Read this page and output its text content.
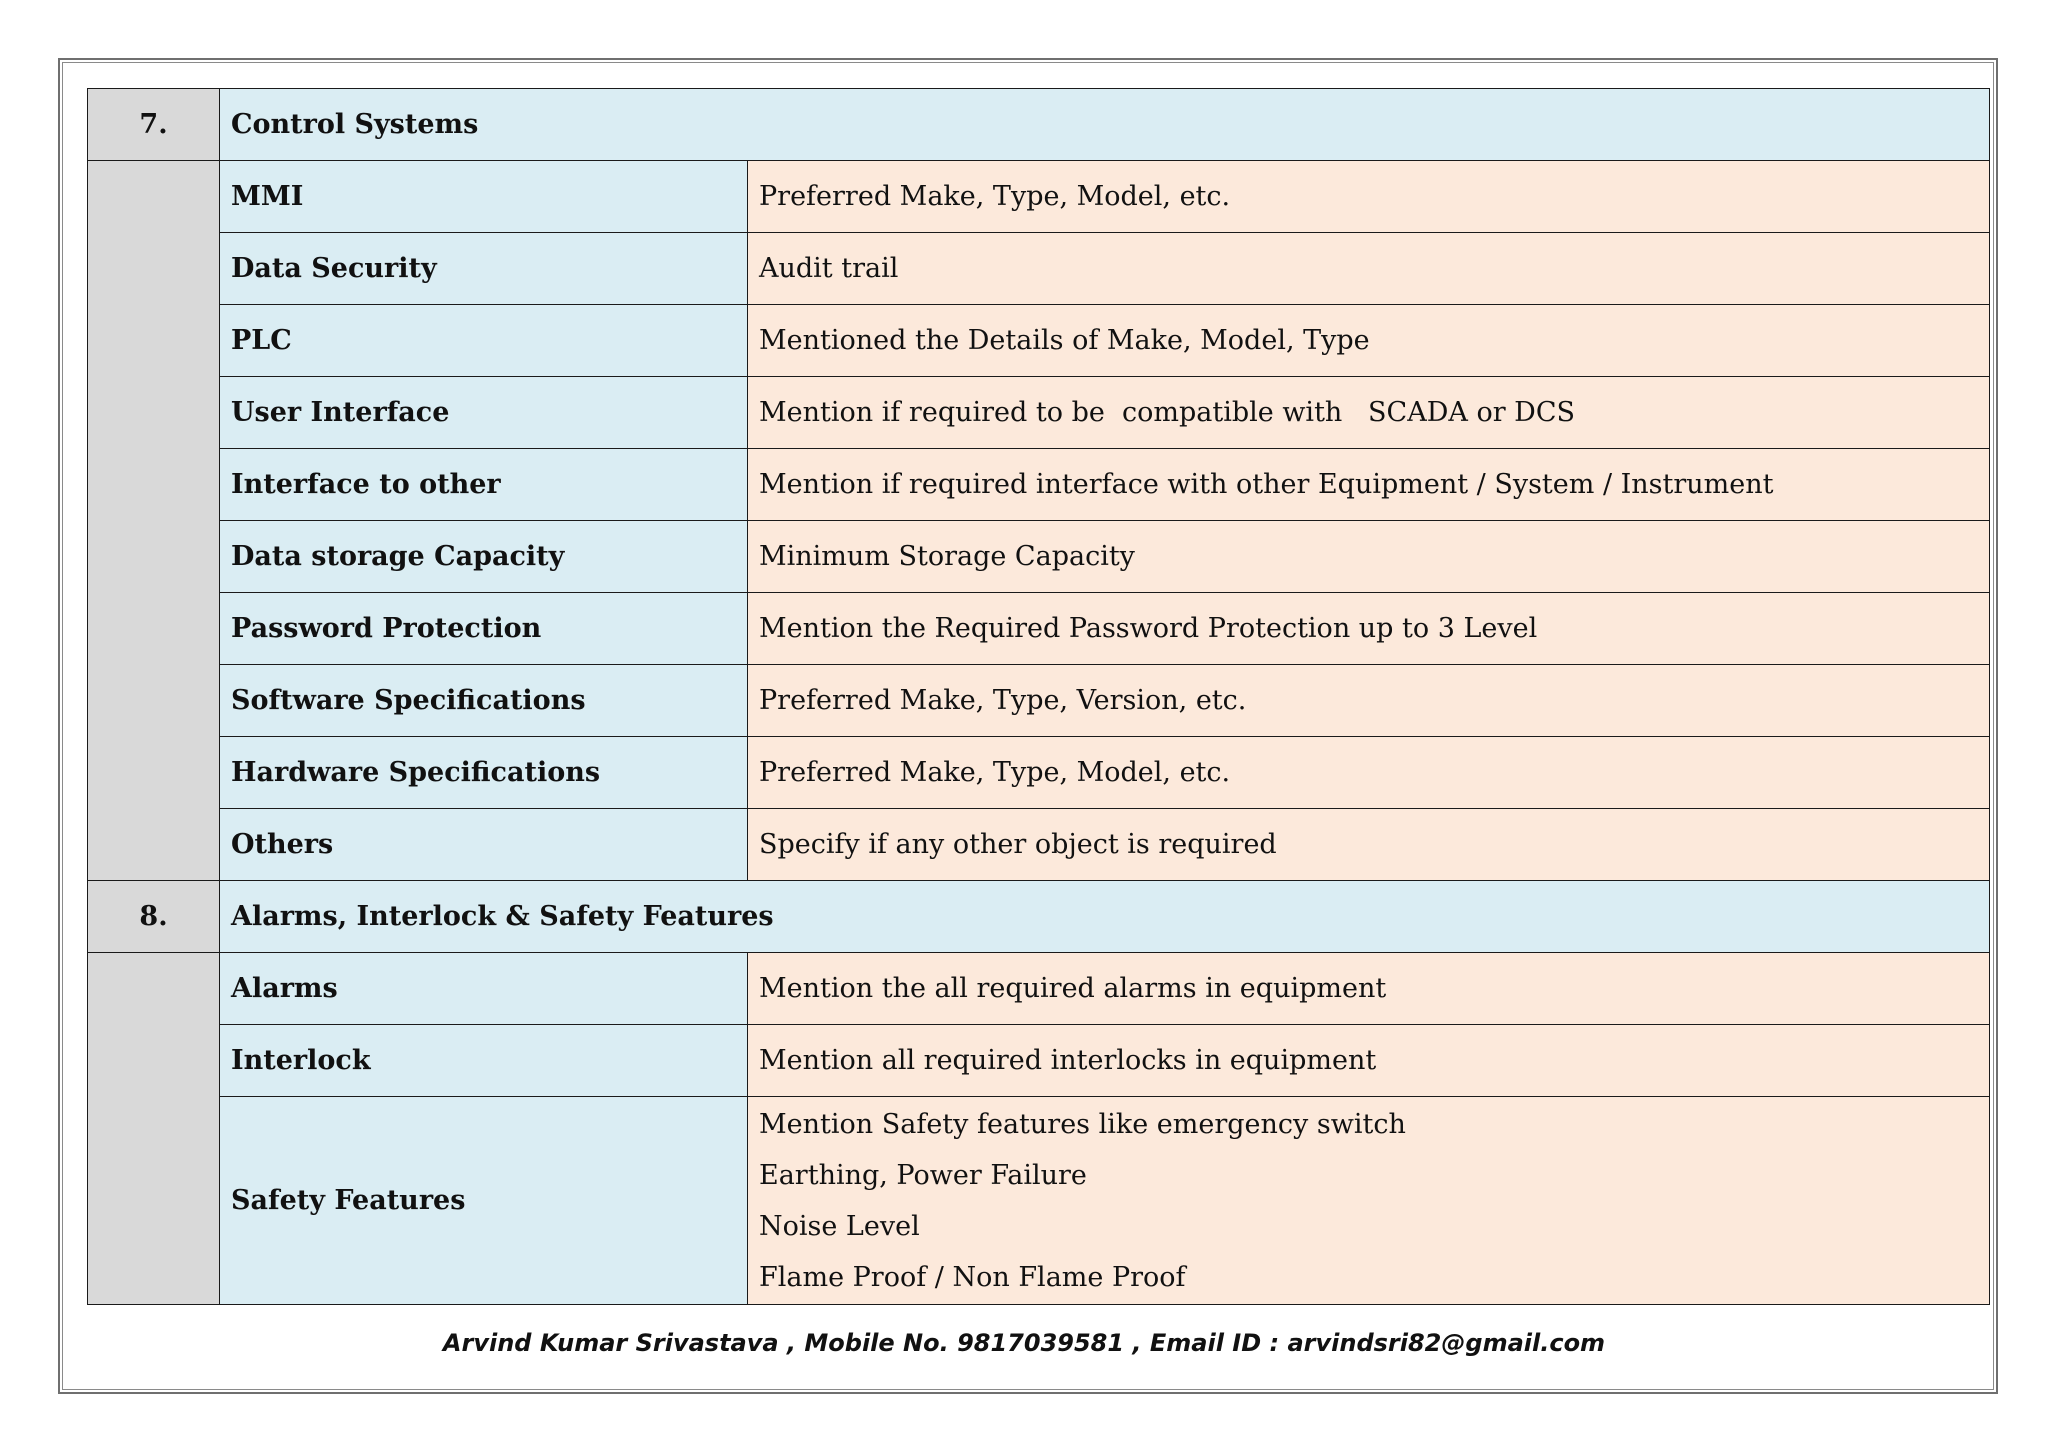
7.	Control Systems	
	MMI	Preferred Make, Type, Model, etc.
	Data Security	Audit trail
	PLC	Mentioned the Details of Make, Model, Type
	User Interface	Mention if required to be  compatible with   SCADA or DCS
	Interface to other	Mention if required interface with other Equipment / System / Instrument
	Data storage Capacity	Minimum Storage Capacity
	Password Protection	Mention the Required Password Protection up to 3 Level
	Software Specifications	Preferred Make, Type, Version, etc.
	Hardware Specifications	Preferred Make, Type, Model, etc.
	Others	Specify if any other object is required
8.	Alarms, Interlock & Safety Features	
	Alarms	Mention the all required alarms in equipment
	Interlock	Mention all required interlocks in equipment
	Safety Features	Mention Safety features like emergency switch
Earthing, Power Failure
Noise Level
Flame Proof / Non Flame Proof
Arvind Kumar Srivastava , Mobile No. 9817039581 , Email ID : arvindsri82@gmail.com
